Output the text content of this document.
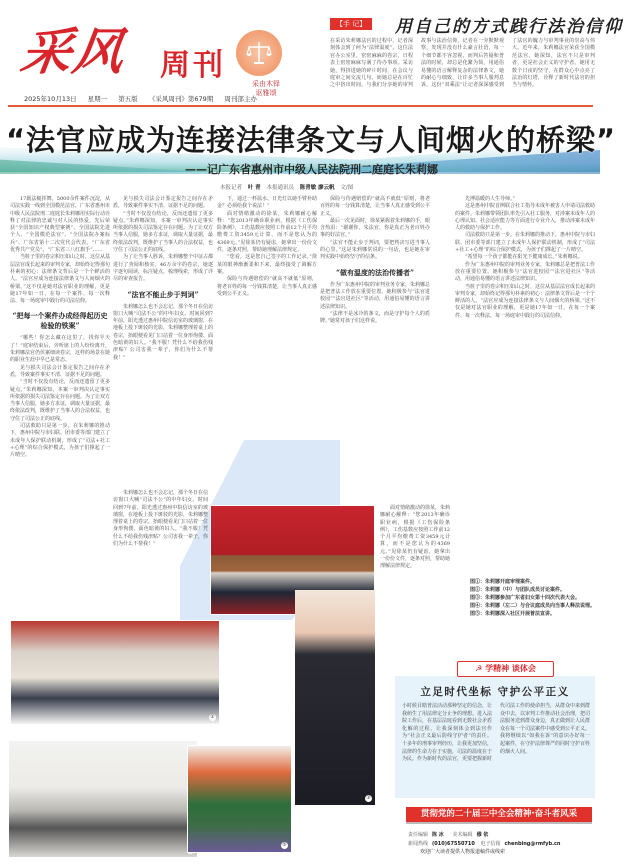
采风 周刊
采由木铎
讴雅颂
2025年10月13日 星期一 第五版 《采风周刊》第679期 周刊部主办
【手 记】	用自己的方式践行法治信仰
在采访朱莉娜法官的过程中，记者深刻体会到了何为“法律温度”。这位法官办公室里，密密麻麻的卷宗，日程表上密密麻麻写满了待办事项。采访她，得挤进她的碎片时间，在会议与庭审之间交流几句。而她总是在百忙之中挤出时间，与我们分享她的审判故事与法治信仰。记者在一旁默默观察，发现并没有什么豪言壮语，每一个细节都不容忽视，而判后答疑和普法的时候，却总是化繁为简，用通俗易懂的语言解释复杂的法律条文，她的耐心与细致，让许多当事人服判息诉。这份“双乘法”让记者深深感受到了法官的魄力与审判事业的崇高与伟大。近年来，朱莉娜法官荣获全国模范法官，她深知，法官不只是审判者，更是社会正义的守护者。她用无数个日夜的坚守，在群众心中点亮了法治的灯塔，诠释了新时代法官的担当与情怀。
“法官应成为连接法律条文与人间烟火的桥梁”
——记广东省惠州市中级人民法院刑二庭庭长朱莉娜
本报记者 叶 青 本报通讯员 陈青敏 廖云帆 文/图

17载法槌挥舞，5000余件案件沉淀，从司法实践一线到全国模范法官，广东省惠州市中级人民法院刑二庭庭长朱莉娜用实际行动诠释了对法律的忠诚与对人民的热爱，先后荣获“全国知识产权典型案例”、全国法院先进个人、“全国模范法官”、“全国法院办案标兵”、广东省第十二次党代会代表、“广东省优秀共产党员”、“广东省三八红旗手”……

当桩子里的卷宗积压如山之时，这位从基层法官成长起来的审判专家，却始终记得那句朴素的初心：法律条文背后是一个个鲜活的人。“法官应成为连接法律条文与人间烟火的桥梁。”这不仅是她对法官职业的理解，更是她17年如一日，在每一个案件、每一次释法、每一场庭审中践行的司法信仰。

“把每一个案件办成经得起历史检验的铁案”

“哪些！你怎么藏在这里了，找你半天了！”庭审结束后，旁听席上的人纷纷离开，朱莉娜法官仍伏案细读卷宗，这样的场景在她的职业生涯中早已是常态。

见与损失司法会计鉴定报告之间存在矛盾，导致案件事实不清、证据不足的问题。

“当时不仅没有结论，反而还遗留了更多疑点。”朱莉娜深知，本案一审判决认定事实所依据的损失司法鉴定存在问题。为了让双方当事人信服，她多方求证，调取大量证据，最终依法改判，既维护了当事人的合法权益，也守住了司法公正的底线。

司法救助只是第一步。在朱莉娜的推动下，惠州中院与市妇联、团市委等部门建立了未成年人保护联动机制，形成了“司法+社工+心理”的综合保护模式，为孩子们撑起了一片晴空。

见与损失司法会计鉴定报告之间存在矛盾，导致案件事实不清、证据不足的问题。

“当时不仅没有结论，反而还遗留了更多疑点。”朱莉娜深知，本案一审判决认定事实所依据的损失司法鉴定存在问题。为了让双方当事人信服，她多方求证，调取大量证据，最终依法改判，既维护了当事人的合法权益，也守住了司法公正的底线。

为了让当事人胜诉，朱莉娜整个中证占都进行了查阅和核实。46万余字的卷宗，她逐字逐句阅读，标注疑点，梳理线索，形成了详尽的审查报告。

“法官不能止步于判词”

朱莉娜怎么也不会忘记，那个冬日在信访窗口大喊“司法不公”的中年妇女。时间回到7年前，阳光透过惠州中院信访室的玻璃窗，在地板上投下斑驳的光影，朱莉娜整理着桌上的卷宗，抬眼便看见门口站着一位身形佝偻、面色暗黄的妇人。“我不服！凭什么不给我伤残津贴？公司害我一辈子，你们为什么不帮我！”

朱莉娜怎么也不会忘记，那个冬日在信访窗口大喊“司法不公”的中年妇女。时间回到7年前，阳光透过惠州中院信访室的玻璃窗，在地板上投下斑驳的光影，朱莉娜整理着桌上的卷宗，抬眼便看见门口站着一位身形佝偻、面色暗黄的妇人。“我不服！凭什么不给我伤残津贴？公司害我一辈子，你们为什么不帮我！”

下，通过一杯温水、日光灯以她手臂补助金？必须给我个说法！”

面对情绪激动的徐某，朱莉娜耐心解释：“您2013年确诊职业病，根据《工伤保险条例》，工伤基数应按照工作前12个月平均缴费工资3459元计算，而不是您认为的4369元。”见徐某仍有疑虑，她拿出一份份文件，逐条对照，帮助她理解法律规定。

“您看，这是您自己签字的工作记录。”徐某的眼神渐渐柔和下来，最终接受了调解方案。

保险与待遇赔偿的“就高不就低”原则，将老百姓的每一分钱算清楚，让当事人真正感受到公平正义。

保险与待遇赔偿的“就高不就低”原则，将老百姓的每一分钱算清楚，让当事人真正感受到公平正义。

最后一次见面时，徐某紧握着朱莉娜的手，眼含热泪：“谢谢你，朱法官，你是真正为老百姓办事的好法官。”

“法官不能止步于判词，要把判决写进当事人的心里。”这是朱莉娜常说的一句话，也是她在审判实践中始终坚守的信条。

“做有温度的法治传播者”

作为广东惠州中院的审判业务专家，朱莉娜总是把普法工作放在重要位置。她积极参与“法官进校园”“法官进社区”等活动，用通俗易懂的语言讲述法律知识。

“法律不是冰冷的条文，而是守护每个人的盾牌。”她常对孩子们这样说。

面对情绪激动的徐某，朱莉娜耐心解释：“您2013年确诊职业病，根据《工伤保险条例》，工伤基数应按照工作前12个月平均缴费工资3459元计算，而不是您认为的4369元。”见徐某仍有疑虑，她拿出一份份文件，逐条对照，帮助她理解法律规定。

先博温暖的人生导师。”

这是惠州中院首例联合社工指导未成年被害人申请司法救助的案件。朱莉娜带领团队率先引入社工服务，对涉案未成年人的心理认知、社会适应能力等方面进行专业介入，推动涉案未成年人的救助与保护工作。

司法救助只是第一步。在朱莉娜的推动下，惠州中院与市妇联、团市委等部门建立了未成年人保护联动机制，形成了“司法+社工+心理”的综合保护模式，为孩子们撑起了一片晴空。

“希望每一个孩子都能在阳光下健康成长。”朱莉娜说。

作为广东惠州中院的审判业务专家，朱莉娜总是把普法工作放在重要位置。她积极参与“法官进校园”“法官进社区”等活动，用通俗易懂的语言讲述法律知识。

当桩子里的卷宗积压如山之时，这位从基层法官成长起来的审判专家，却始终记得那句朴素的初心：法律条文背后是一个个鲜活的人。“法官应成为连接法律条文与人间烟火的桥梁。”这不仅是她对法官职业的理解，更是她17年如一日，在每一个案件、每一次释法、每一场庭审中践行的司法信仰。

图①：朱莉娜开庭审理案件。
图②：朱莉娜（中）与团队成员讨论案件。
图③：朱莉娜参加广东省妇女第十四次代表大会。
图④：朱莉娜（左二）与合议庭成员向当事人释法说理。
图⑤：朱莉娜深入社区开展普法宣讲。
②
③
⑤
☭ 学精神 谈体会
立足时代坐标 守护公平正义
小时候目睹普法活动那种坚定的信念，让我萌生了用法律定分止争的理想。进入法院工作后，在基层法庭看到无数社会矛盾化解的过程，让我深刻体会到法官作为“社会正义最后防线守护者”的责任。十多年的刑事审判经历，让我更加坚信，法律的生命力在于实施，司法的温度在于为民。作为新时代的法官，更要把握新时代司法工作的使命担当，从群众中来到群众中去，以审判工作推动社会治理，把司法服务送到群众身边，真正做到让人民群众在每一个司法案件中感受到公平正义。我将继续以“如我在诉”的意识办好每一起案件，在守护法律尊严的同时守护百姓的烟火人间。
贯彻党的二十届三中全会精神·奋斗者风采
责任编辑 陈 冰 美术编辑 穆 依
新闻热线 (010)67550710 电子信箱 chenbing@rmfyb.cn
欢迎广大读者提供人物报道稿件或线索
